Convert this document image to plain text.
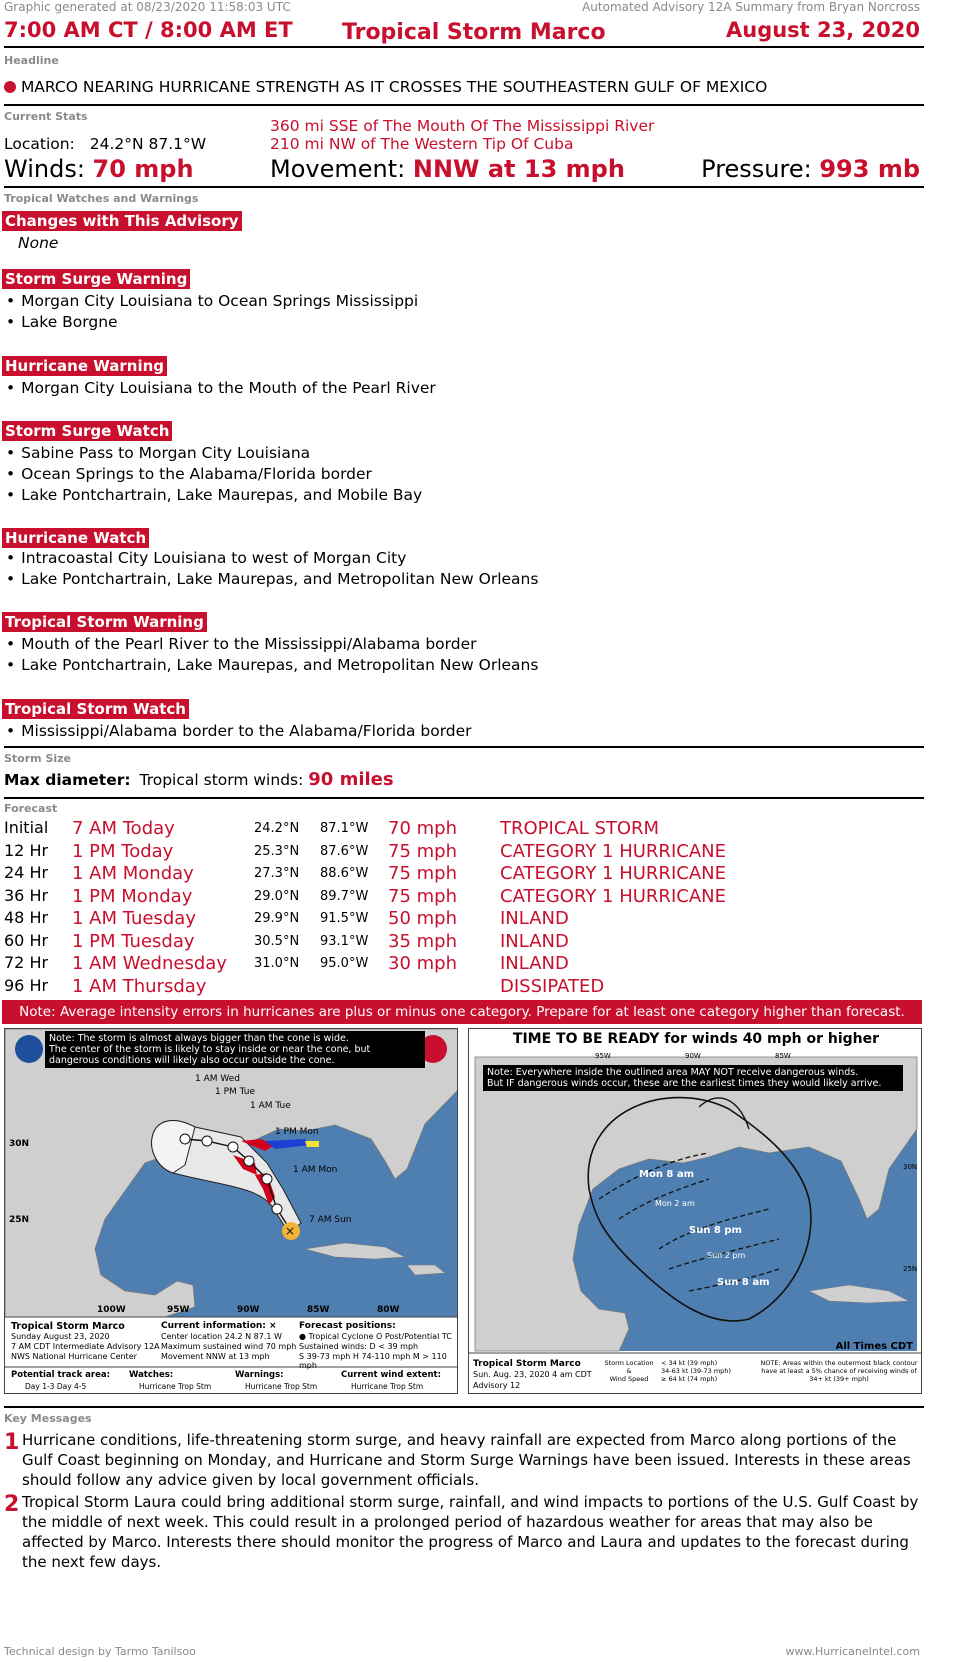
Graphic generated at 08/23/2020 11:58:03 UTC	Automated Advisory 12A Summary from Bryan Norcross
7:00 AM CT / 8:00 AM ET Tropical Storm Marco	August 23, 2020
Headline
MARCO NEARING HURRICANE STRENGTH AS IT CROSSES THE SOUTHEASTERN GULF OF MEXICO
Current Stats
Location: 24.2°N 87.1°W
360 mi SSE of The Mouth Of The Mississippi River
210 mi NW of The Western Tip Of Cuba
Winds: 70 mph	Movement: NNW at 13 mph	Pressure: 993 mb
Tropical Watches and Warnings
Changes with This Advisory
None
Storm Surge Warning
• Morgan City Louisiana to Ocean Springs Mississippi
• Lake Borgne
Hurricane Warning
• Morgan City Louisiana to the Mouth of the Pearl River
Storm Surge Watch
• Sabine Pass to Morgan City Louisiana
• Ocean Springs to the Alabama/Florida border
• Lake Pontchartrain, Lake Maurepas, and Mobile Bay
Hurricane Watch
• Intracoastal City Louisiana to west of Morgan City
• Lake Pontchartrain, Lake Maurepas, and Metropolitan New Orleans
Tropical Storm Warning
• Mouth of the Pearl River to the Mississippi/Alabama border
• Lake Pontchartrain, Lake Maurepas, and Metropolitan New Orleans
Tropical Storm Watch
• Mississippi/Alabama border to the Alabama/Florida border
Storm Size
Max diameter: Tropical storm winds: 90 miles
Forecast
Initial 7 AM Today	24.2°N 87.1°W 70 mph TROPICAL STORM
12 Hr 1 PM Today	25.3°N 87.6°W 75 mph CATEGORY 1 HURRICANE
24 Hr 1 AM Monday	27.3°N 88.6°W 75 mph CATEGORY 1 HURRICANE
36 Hr 1 PM Monday	29.0°N 89.7°W 75 mph CATEGORY 1 HURRICANE
48 Hr 1 AM Tuesday	29.9°N 91.5°W 50 mph INLAND
60 Hr 1 PM Tuesday	30.5°N 93.1°W 35 mph INLAND
72 Hr 1 AM Wednesday 31.0°N 95.0°W 30 mph INLAND
96 Hr 1 AM Thursday	DISSIPATED
Note: Average intensity errors in hurricanes are plus or minus one category. Prepare for at least one category higher than forecast.
×
Note: The storm is almost always bigger than the cone is wide.
The center of the storm is likely to stay inside or near the cone, but
dangerous conditions will likely also occur outside the cone.
1 AM Wed
1 PM Tue
1 AM Tue
1 PM Mon
1 AM Mon
7 AM Sun
30N
25N
100W	95W	90W	85W	80W
Tropical Storm Marco
Sunday August 23, 2020
7 AM CDT Intermediate Advisory 12A
NWS National Hurricane Center
Current information: ×
Center location 24.2 N 87.1 W
Maximum sustained wind 70 mph
Movement NNW at 13 mph
Forecast positions:
● Tropical Cyclone O Post/Potential TC
Sustained winds: D < 39 mph
S 39-73 mph H 74-110 mph M > 110 mph
Potential track area:
Day 1-3 Day 4-5
Watches:
Hurricane Trop Stm
Warnings:
Hurricane Trop Stm
Current wind extent:
Hurricane Trop Stm
TIME TO BE READY for winds 40 mph or higher
Note: Everywhere inside the outlined area MAY NOT receive dangerous winds.
But IF dangerous winds occur, these are the earliest times they would likely arrive.
95W	90W	85W
30N
25N
Mon 8 am
Mon 2 am
Sun 8 pm
Sun 2 pm
Sun 8 am
All Times CDT
Tropical Storm Marco
Sun. Aug. 23, 2020 4 am CDT
Advisory 12
Storm Location
&
Wind Speed
< 34 kt (39 mph)
34-63 kt (39-73 mph)
≥ 64 kt (74 mph)
NOTE: Areas within the outermost black contour have at least a 5% chance of receiving winds of 34+ kt (39+ mph)
Key Messages
1 Hurricane conditions, life-threatening storm surge, and heavy rainfall are expected from Marco along portions of the Gulf Coast beginning on Monday, and Hurricane and Storm Surge Warnings have been issued. Interests in these areas should follow any advice given by local government officials.
2 Tropical Storm Laura could bring additional storm surge, rainfall, and wind impacts to portions of the U.S. Gulf Coast by the middle of next week. This could result in a prolonged period of hazardous weather for areas that may also be affected by Marco. Interests there should monitor the progress of Marco and Laura and updates to the forecast during the next few days.
Technical design by Tarmo Tanilsoo	www.HurricaneIntel.com
